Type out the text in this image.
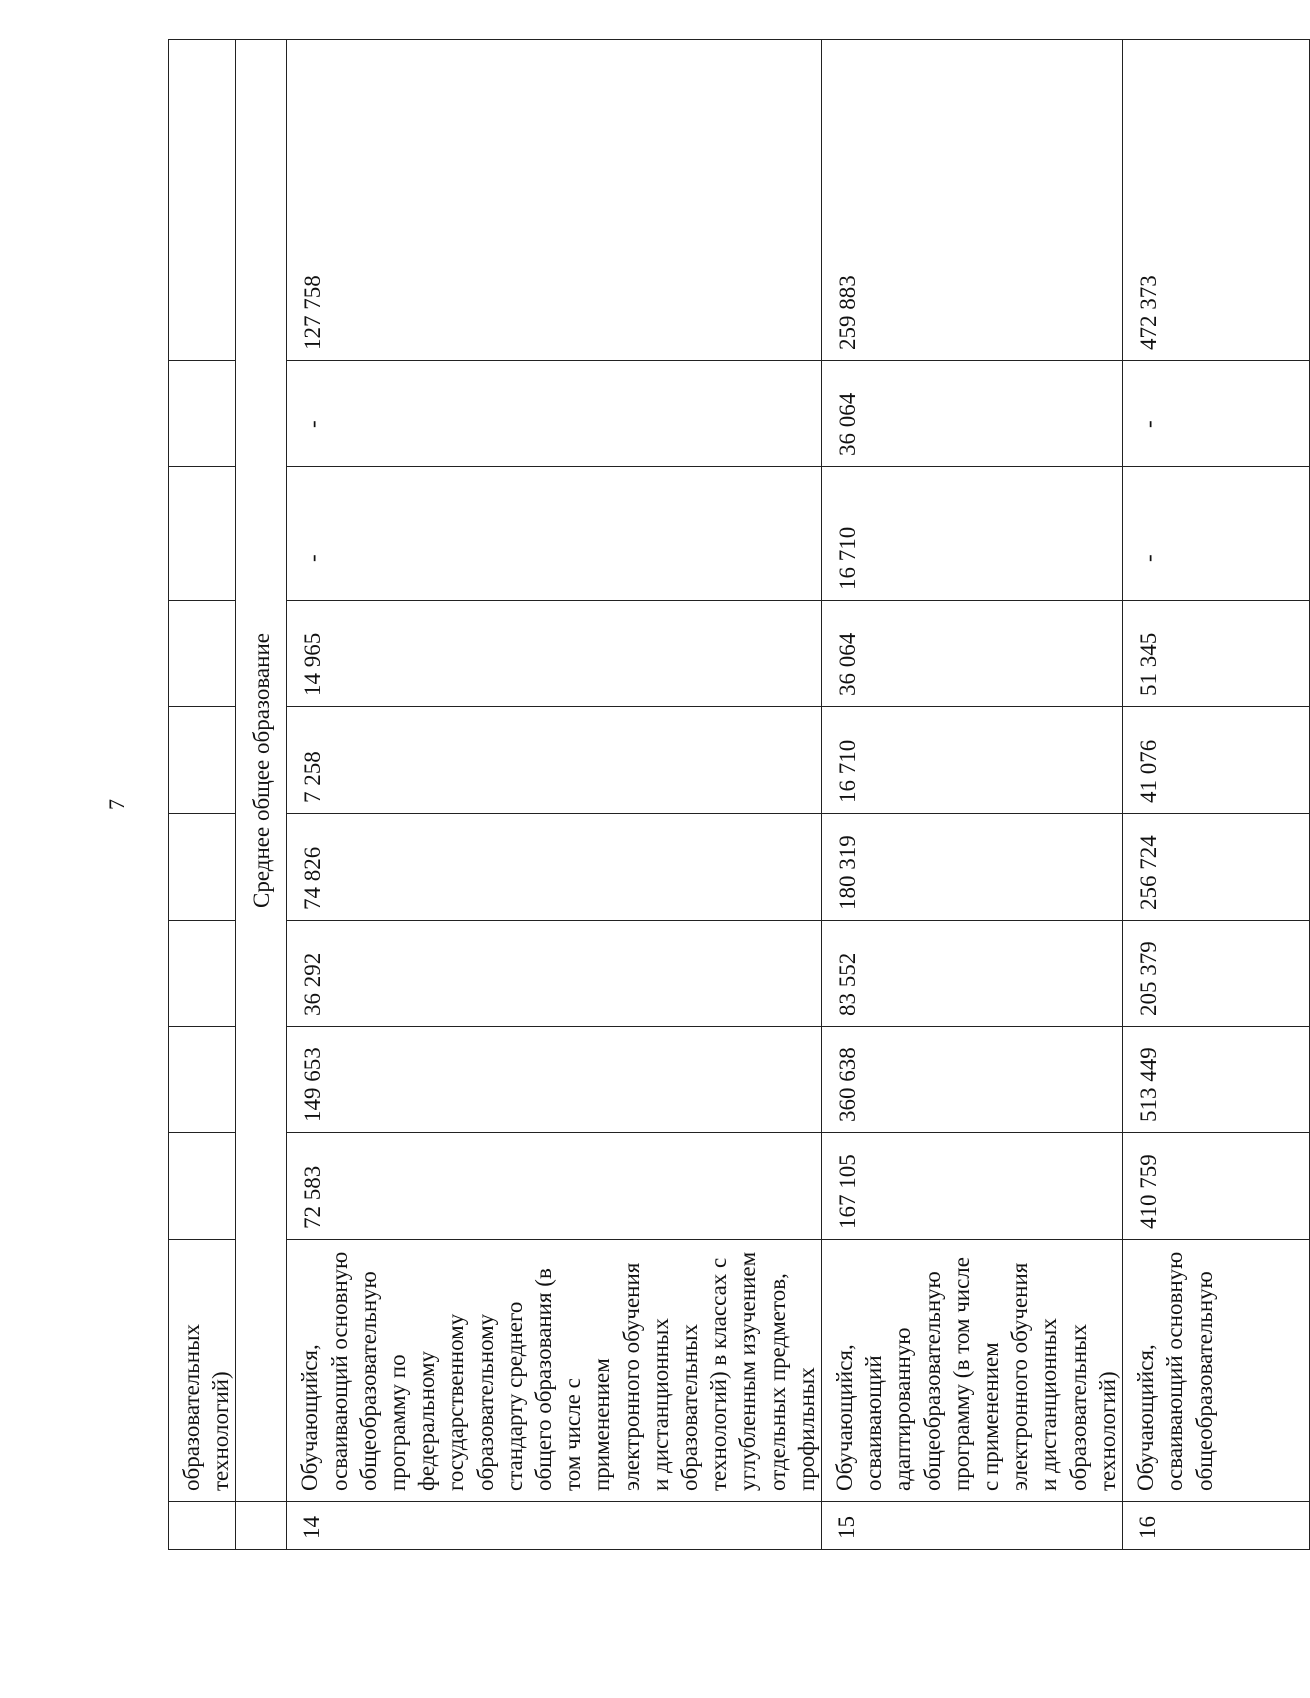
7
	образовательных технологий)									
	Среднее общее образование									
14	Обучающийся, осваивающий основную общеобразовательную программу по федеральному государственному образовательному стандарту среднего общего образования (в том числе с применением электронного обучения и дистанционных образовательных технологий) в классах с углубленным изучением отдельных предметов, профильных	72 583	149 653	36 292	74 826	7 258	14 965	-	-	127 758
15	Обучающийся, осваивающий адаптированную общеобразовательную программу (в том числе с применением электронного обучения и дистанционных образовательных технологий)	167 105	360 638	83 552	180 319	16 710	36 064	16 710	36 064	259 883
16	Обучающийся, осваивающий основную общеобразовательную	410 759	513 449	205 379	256 724	41 076	51 345	-	-	472 373
